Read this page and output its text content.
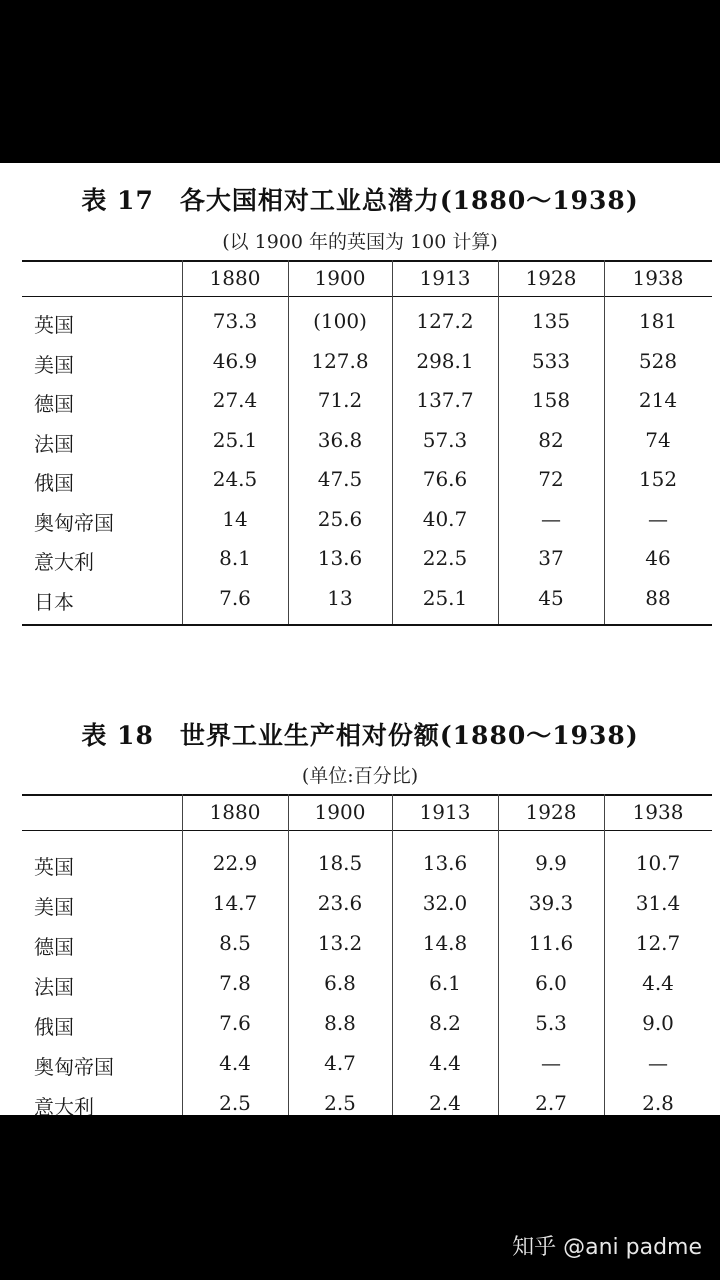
表 17　各大国相对工业总潜力(1880～1938)
(以 1900 年的英国为 100 计算)
1880	1900	1913	1928	1938
英国	73.3	(100)	127.2	135	181
美国	46.9	127.8	298.1	533	528
德国	27.4	71.2	137.7	158	214
法国	25.1	36.8	57.3	82	74
俄国	24.5	47.5	76.6	72	152
奥匈帝国	14	25.6	40.7	—	—
意大利	8.1	13.6	22.5	37	46
日本	7.6	13	25.1	45	88
表 18　世界工业生产相对份额(1880～1938)
(单位:百分比)
1880	1900	1913	1928	1938
英国	22.9	18.5	13.6	9.9	10.7
美国	14.7	23.6	32.0	39.3	31.4
德国	8.5	13.2	14.8	11.6	12.7
法国	7.8	6.8	6.1	6.0	4.4
俄国	7.6	8.8	8.2	5.3	9.0
奥匈帝国	4.4	4.7	4.4	—	—
意大利	2.5	2.5	2.4	2.7	2.8
知乎 @ani padme
